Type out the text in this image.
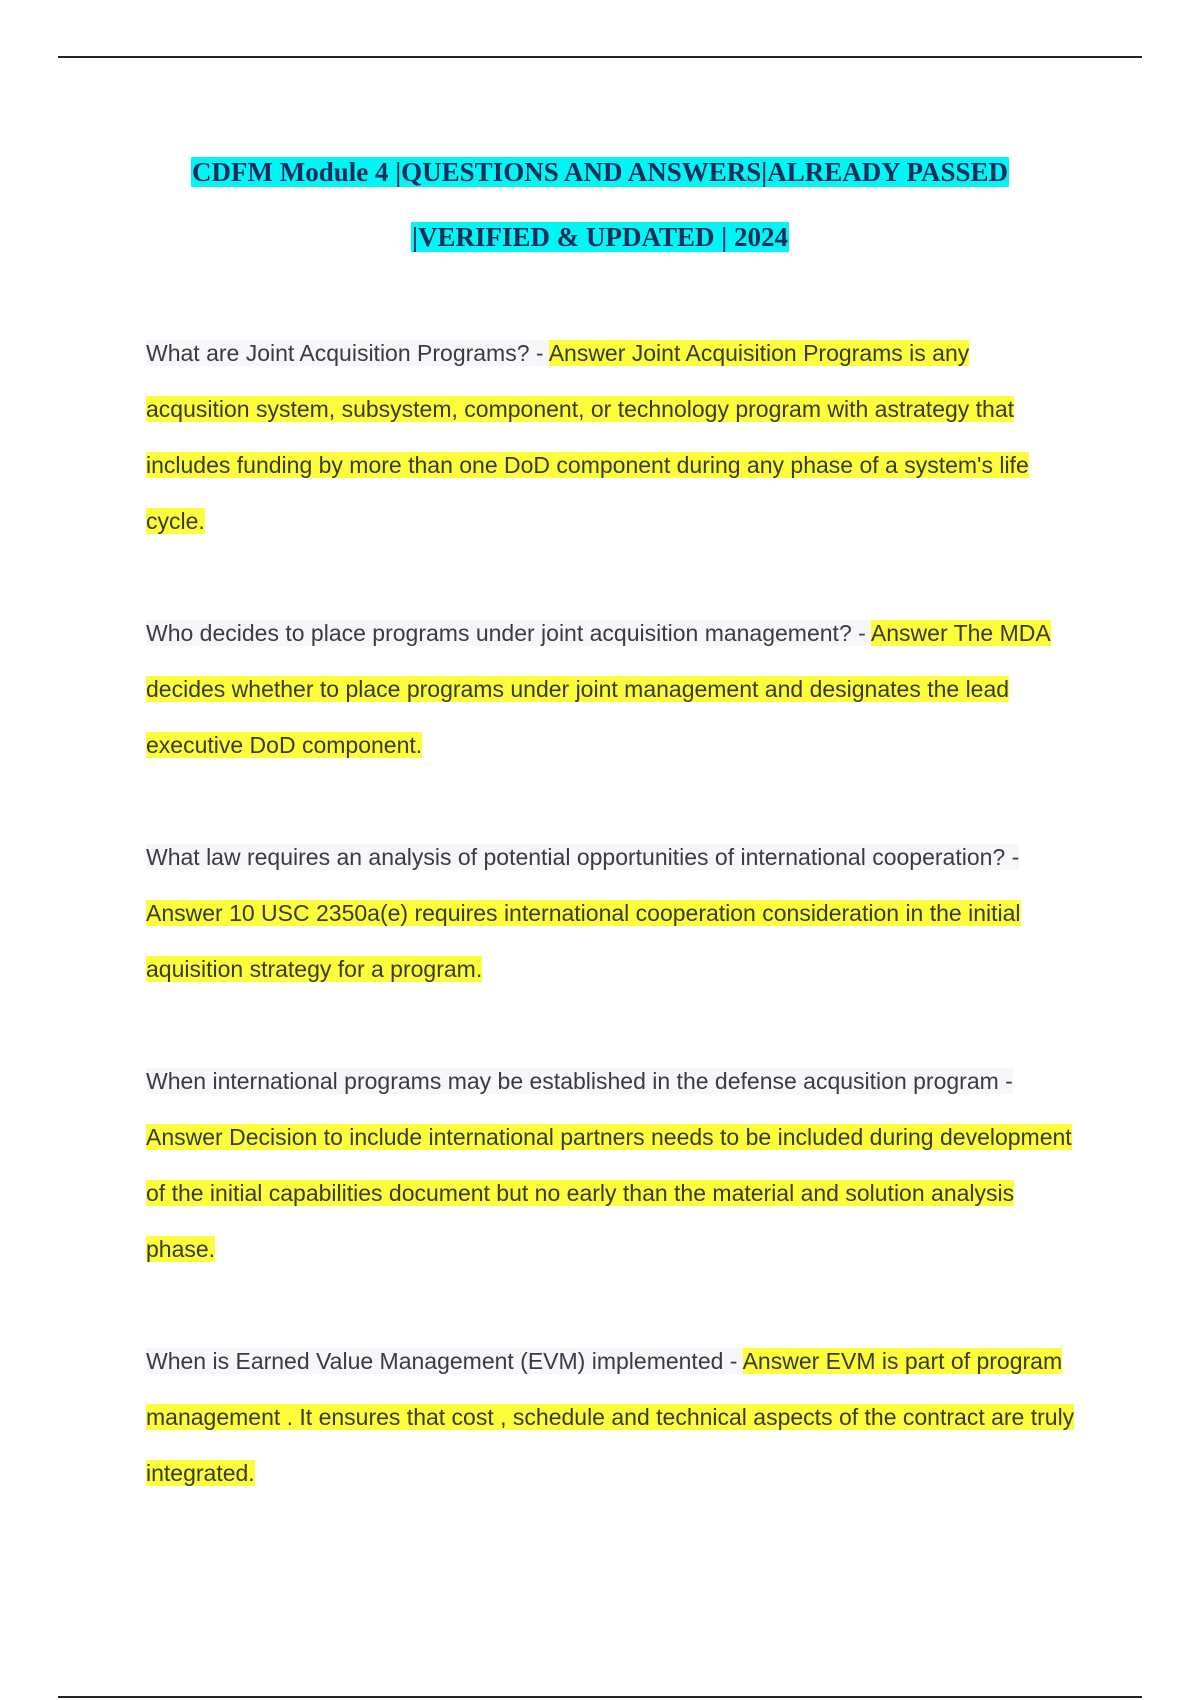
CDFM Module 4 |QUESTIONS AND ANSWERS|ALREADY PASSED
|VERIFIED & UPDATED | 2024

What are Joint Acquisition Programs? - Answer Joint Acquisition Programs is any acqusition system, subsystem, component, or technology program with astrategy that includes funding by more than one DoD component during any phase of a system's life cycle.

Who decides to place programs under joint acquisition management? - Answer The MDA decides whether to place programs under joint management and designates the lead executive DoD component.

What law requires an analysis of potential opportunities of international cooperation? - Answer 10 USC 2350a(e) requires international cooperation consideration in the initial aquisition strategy for a program.

When international programs may be established in the defense acqusition program - Answer Decision to include international partners needs to be included during development of the initial capabilities document but no early than the material and solution analysis phase.

When is Earned Value Management (EVM) implemented - Answer EVM is part of program management . It ensures that cost , schedule and technical aspects of the contract are truly integrated.
